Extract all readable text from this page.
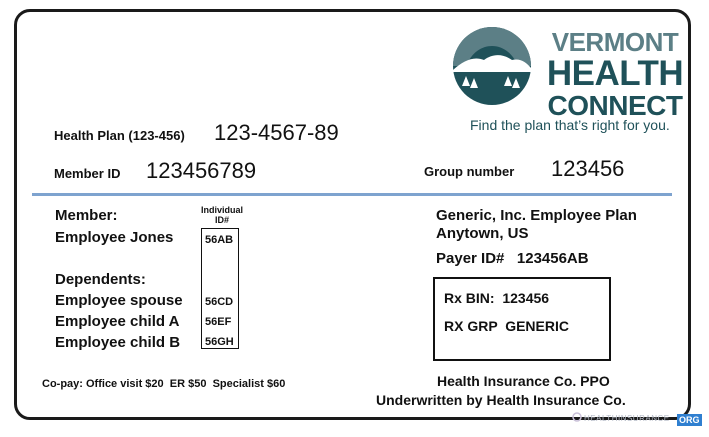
VERMONT
HEALTH
CONNECT
Find the plan that’s right for you.
Health Plan (123-456) 123-4567-89
Member ID 123456789	Group number 123456
Member:
Employee Jones
Individual
ID#
56AB
Dependents:
Employee spouse 56CD
Employee child A 56EF
Employee child B 56GH
Generic, Inc. Employee Plan
Anytown, US
Payer ID#   123456AB
Rx BIN:  123456
RX GRP  GENERIC
Co-pay: Office visit $20  ER $50  Specialist $60	Health Insurance Co. PPO
Underwritten by Health Insurance Co.
HEALTHINSURANCE ORG
